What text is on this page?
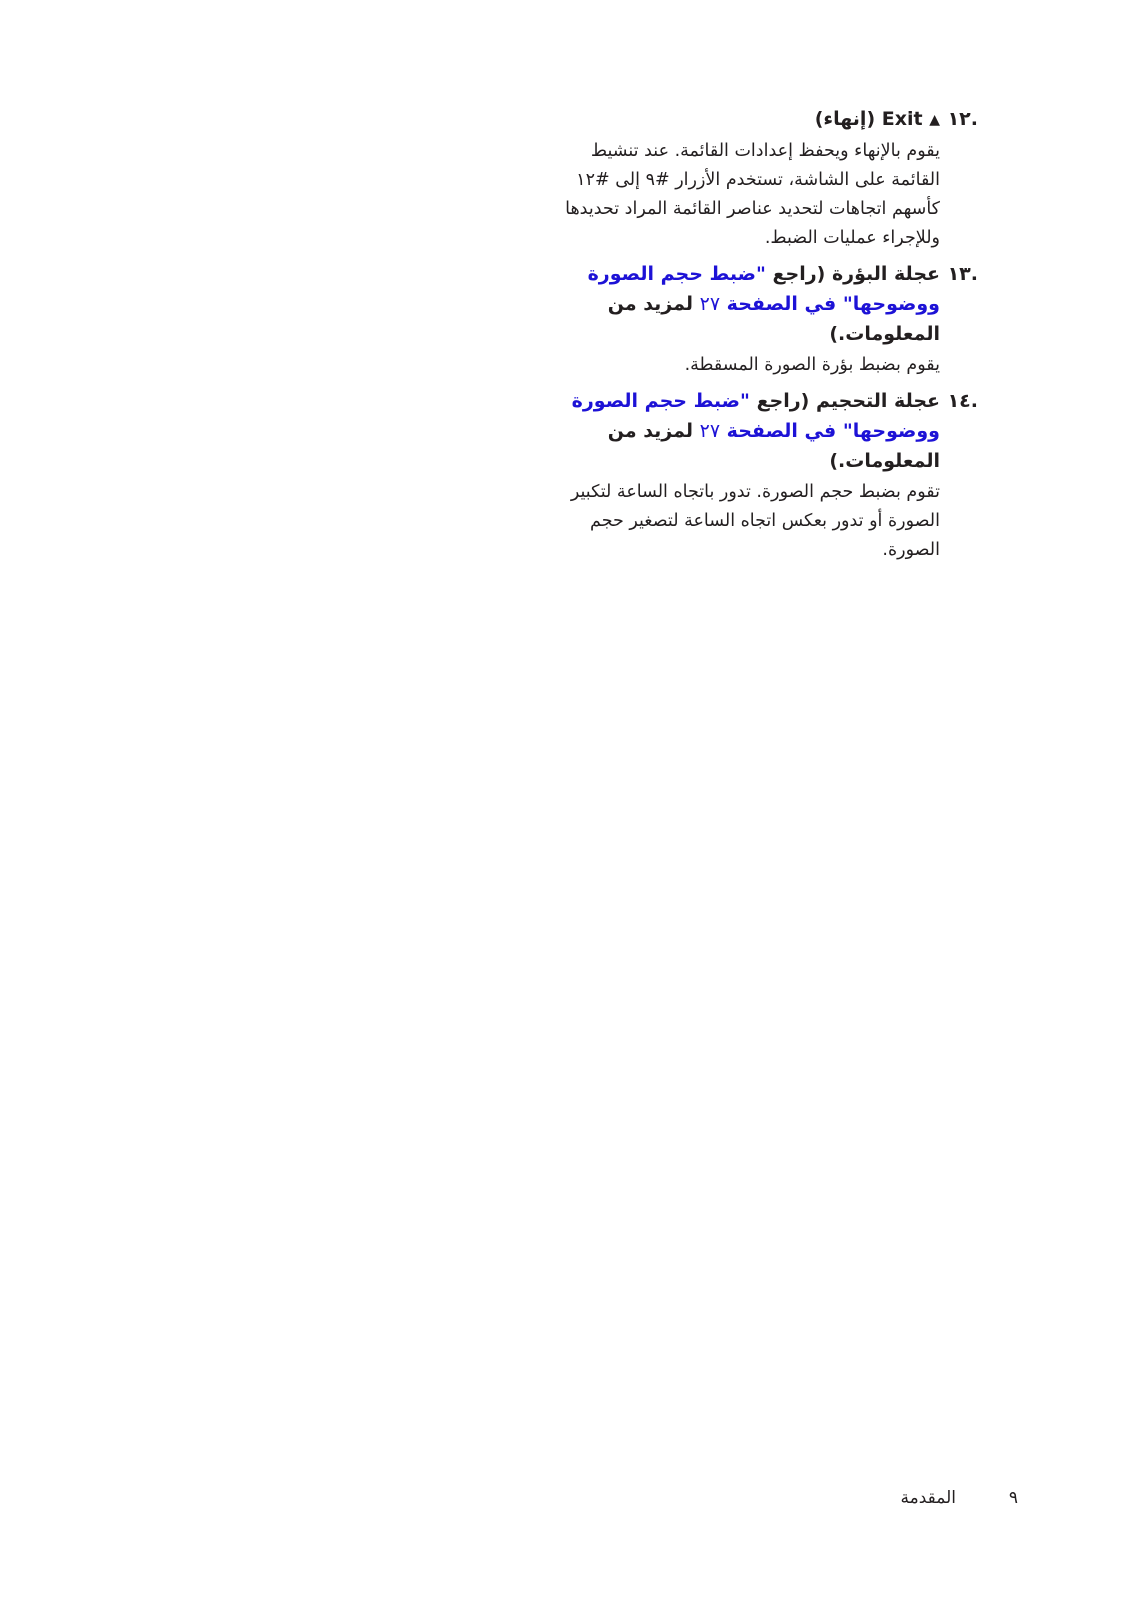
.١٢

▲ Exit (إنهاء)

يقوم بالإنهاء ويحفظ إعدادات القائمة. عند تنشيط القائمة على الشاشة، تستخدم الأزرار #٩ إلى #١٢ كأسهم اتجاهات لتحديد عناصر القائمة المراد تحديدها وللإجراء عمليات الضبط.

.١٣

عجلة البؤرة (راجع "ضبط حجم الصورة ووضوحها" في الصفحة ٢٧ لمزيد من المعلومات.)

يقوم بضبط بؤرة الصورة المسقطة.

.١٤

عجلة التحجيم (راجع "ضبط حجم الصورة ووضوحها" في الصفحة ٢٧ لمزيد من المعلومات.)

تقوم بضبط حجم الصورة. تدور باتجاه الساعة لتكبير الصورة أو تدور بعكس اتجاه الساعة لتصغير حجم الصورة.

المقدمة	٩
